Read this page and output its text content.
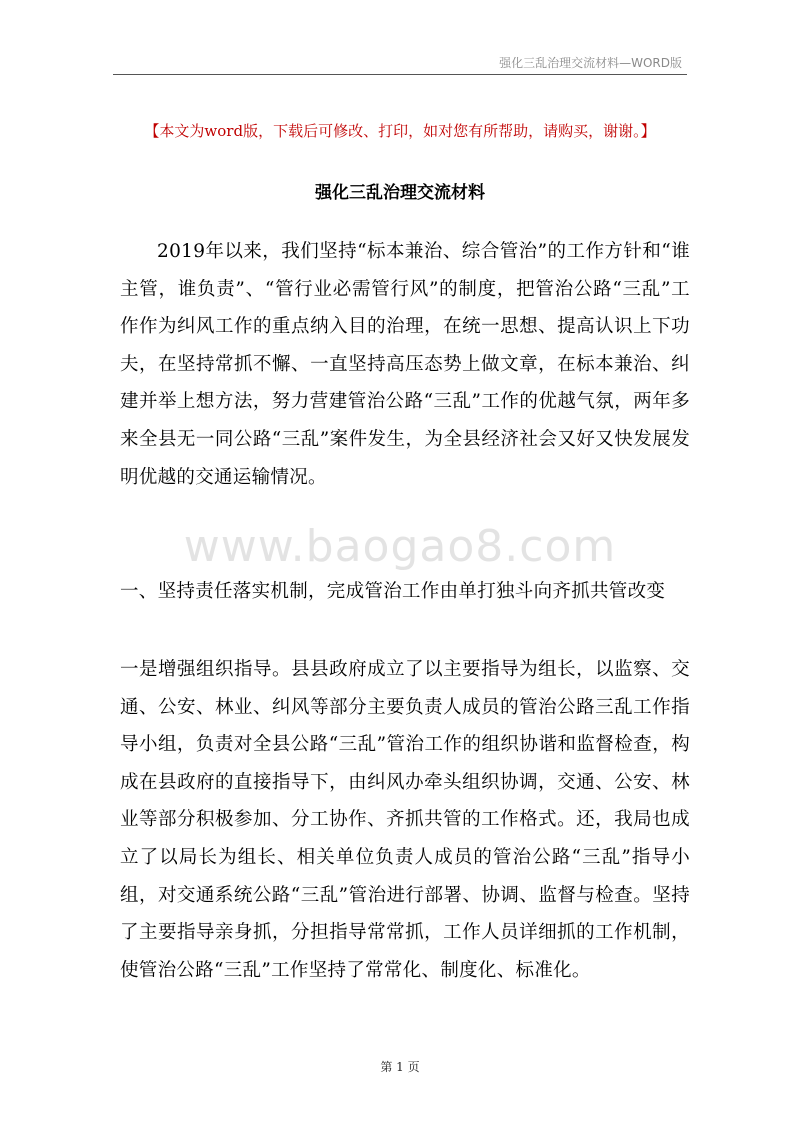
强化三乱治理交流材料—WORD版
【本文为word版，下载后可修改、打印，如对您有所帮助，请购买，谢谢。】
强化三乱治理交流材料

2019年以来，我们坚持“标本兼治、综合管治”的工作方针和“谁主管，谁负责”、“管行业必需管行风”的制度，把管治公路“三乱”工作作为纠风工作的重点纳入目的治理，在统一思想、提高认识上下功夫，在坚持常抓不懈、一直坚持高压态势上做文章，在标本兼治、纠建并举上想方法，努力营建管治公路“三乱”工作的优越气氛，两年多来全县无一同公路“三乱”案件发生，为全县经济社会又好又快发展发明优越的交通运输情况。

www.baogao8.com

一、坚持责任落实机制，完成管治工作由单打独斗向齐抓共管改变

一是增强组织指导。县县政府成立了以主要指导为组长，以监察、交通、公安、林业、纠风等部分主要负责人成员的管治公路三乱工作指导小组，负责对全县公路“三乱”管治工作的组织协谐和监督检查，构成在县政府的直接指导下，由纠风办牵头组织协调，交通、公安、林业等部分积极参加、分工协作、齐抓共管的工作格式。还，我局也成立了以局长为组长、相关单位负责人成员的管治公路“三乱”指导小组，对交通系统公路“三乱”管治进行部署、协调、监督与检查。坚持了主要指导亲身抓，分担指导常常抓，工作人员详细抓的工作机制，使管治公路“三乱”工作坚持了常常化、制度化、标准化。

第 1 页
